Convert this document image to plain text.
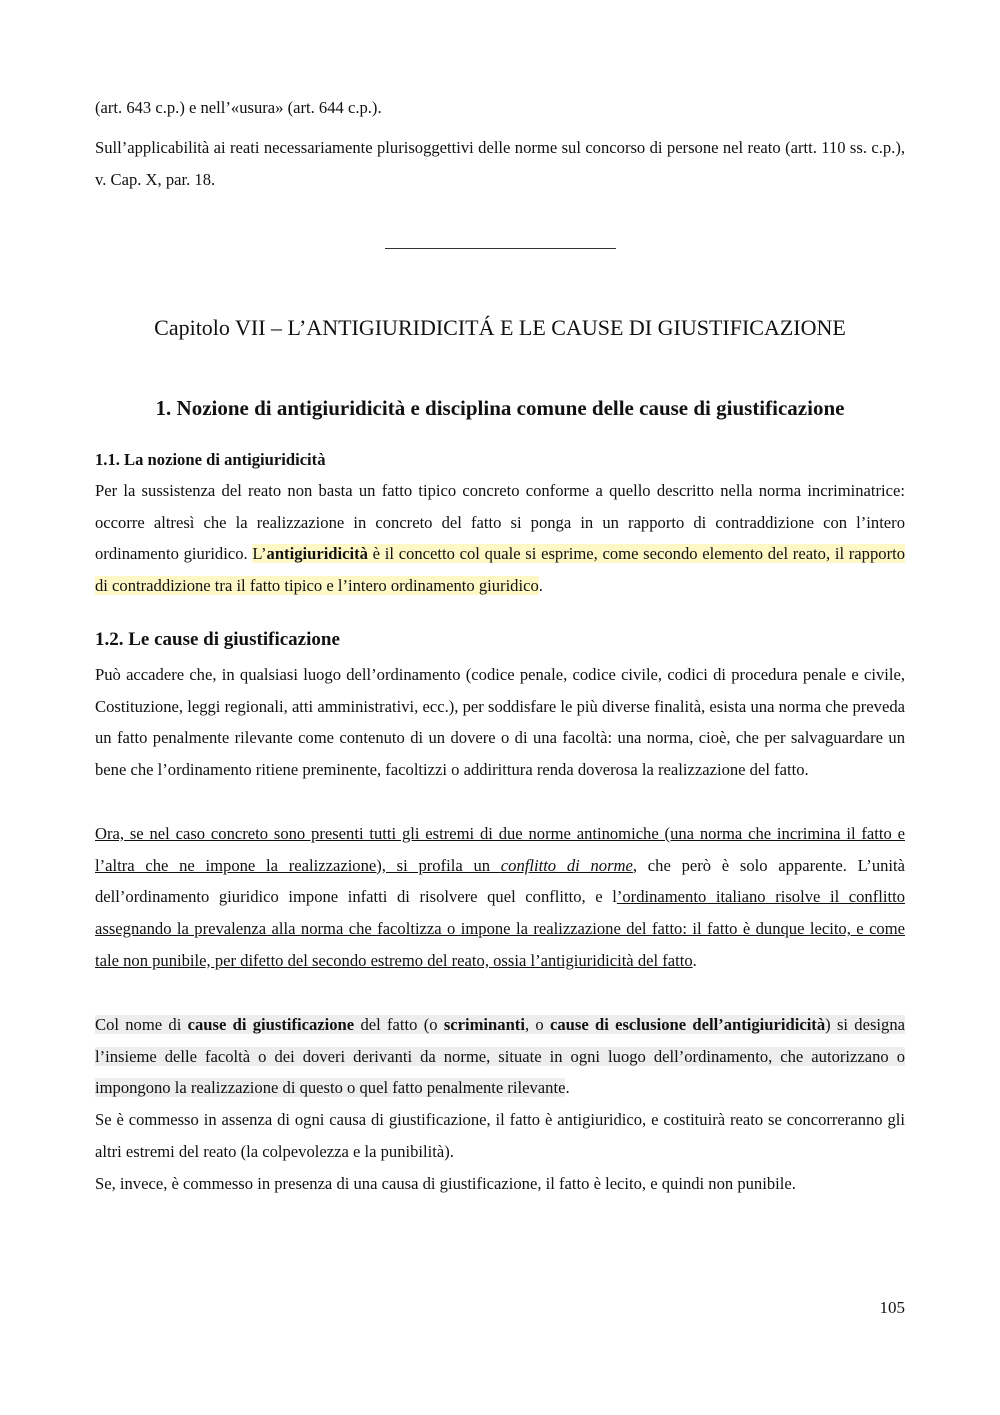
(art. 643 c.p.) e nell’«usura» (art. 644 c.p.).

Sull’applicabilità ai reati necessariamente plurisoggettivi delle norme sul concorso di persone nel reato (artt. 110 ss. c.p.), v. Cap. X, par. 18.

Capitolo VII – L’ANTIGIURIDICITÁ E LE CAUSE DI GIUSTIFICAZIONE
1. Nozione di antigiuridicità e disciplina comune delle cause di giustificazione
1.1. La nozione di antigiuridicità

Per la sussistenza del reato non basta un fatto tipico concreto conforme a quello descritto nella norma incriminatrice: occorre altresì che la realizzazione in concreto del fatto si ponga in un rapporto di contraddizione con l’intero ordinamento giuridico. L’antigiuridicità è il concetto col quale si esprime, come secondo elemento del reato, il rapporto di contraddizione tra il fatto tipico e l’intero ordinamento giuridico.

1.2. Le cause di giustificazione

Può accadere che, in qualsiasi luogo dell’ordinamento (codice penale, codice civile, codici di procedura penale e civile, Costituzione, leggi regionali, atti amministrativi, ecc.), per soddisfare le più diverse finalità, esista una norma che preveda un fatto penalmente rilevante come contenuto di un dovere o di una facoltà: una norma, cioè, che per salvaguardare un bene che l’ordinamento ritiene preminente, facoltizzi o addirittura renda doverosa la realizzazione del fatto.

Ora, se nel caso concreto sono presenti tutti gli estremi di due norme antinomiche (una norma che incrimina il fatto e l’altra che ne impone la realizzazione), si profila un conflitto di norme, che però è solo apparente. L’unità dell’ordinamento giuridico impone infatti di risolvere quel conflitto, e l’ordinamento italiano risolve il conflitto assegnando la prevalenza alla norma che facoltizza o impone la realizzazione del fatto: il fatto è dunque lecito, e come tale non punibile, per difetto del secondo estremo del reato, ossia l’antigiuridicità del fatto.

Col nome di cause di giustificazione del fatto (o scriminanti, o cause di esclusione dell’antigiuridicità) si designa l’insieme delle facoltà o dei doveri derivanti da norme, situate in ogni luogo dell’ordinamento, che autorizzano o impongono la realizzazione di questo o quel fatto penalmente rilevante.

Se è commesso in assenza di ogni causa di giustificazione, il fatto è antigiuridico, e costituirà reato se concorreranno gli altri estremi del reato (la colpevolezza e la punibilità).

Se, invece, è commesso in presenza di una causa di giustificazione, il fatto è lecito, e quindi non punibile.

105
